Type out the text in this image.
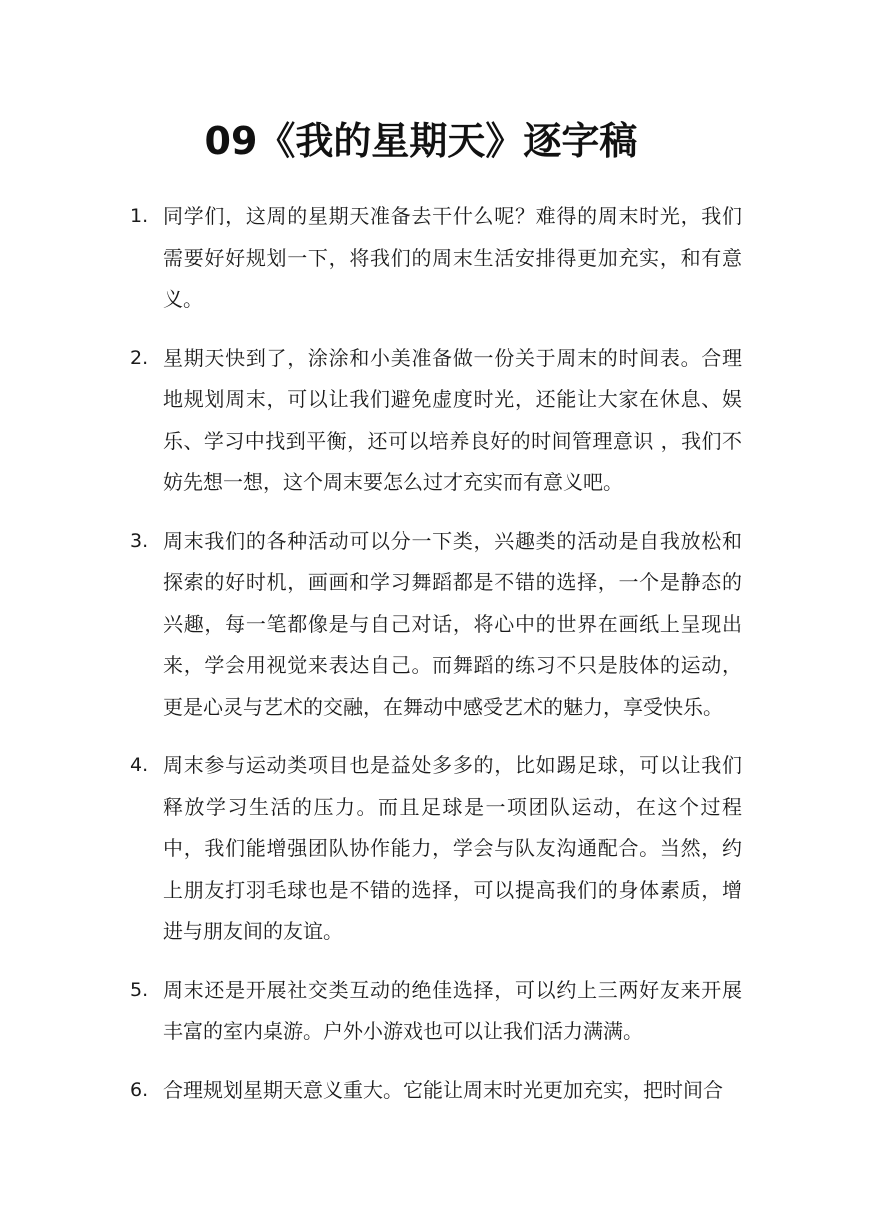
09《我的星期天》逐字稿
1. 同学们，这周的星期天准备去干什么呢？难得的周末时光，我们需要好好规划一下，将我们的周末生活安排得更加充实，和有意义。

2. 星期天快到了，涂涂和小美准备做一份关于周末的时间表。合理地规划周末，可以让我们避免虚度时光，还能让大家在休息、娱乐、学习中找到平衡，还可以培养良好的时间管理意识 ，我们不妨先想一想，这个周末要怎么过才充实而有意义吧。

3. 周末我们的各种活动可以分一下类，兴趣类的活动是自我放松和探索的好时机，画画和学习舞蹈都是不错的选择，一个是静态的兴趣，每一笔都像是与自己对话，将心中的世界在画纸上呈现出来，学会用视觉来表达自己。而舞蹈的练习不只是肢体的运动，更是心灵与艺术的交融，在舞动中感受艺术的魅力，享受快乐。

4. 周末参与运动类项目也是益处多多的，比如踢足球，可以让我们释放学习生活的压力。而且足球是一项团队运动，在这个过程中，我们能增强团队协作能力，学会与队友沟通配合。当然，约上朋友打羽毛球也是不错的选择，可以提高我们的身体素质，增进与朋友间的友谊。

5. 周末还是开展社交类互动的绝佳选择，可以约上三两好友来开展丰富的室内桌游。户外小游戏也可以让我们活力满满。

6. 合理规划星期天意义重大。它能让周末时光更加充实，把时间合
